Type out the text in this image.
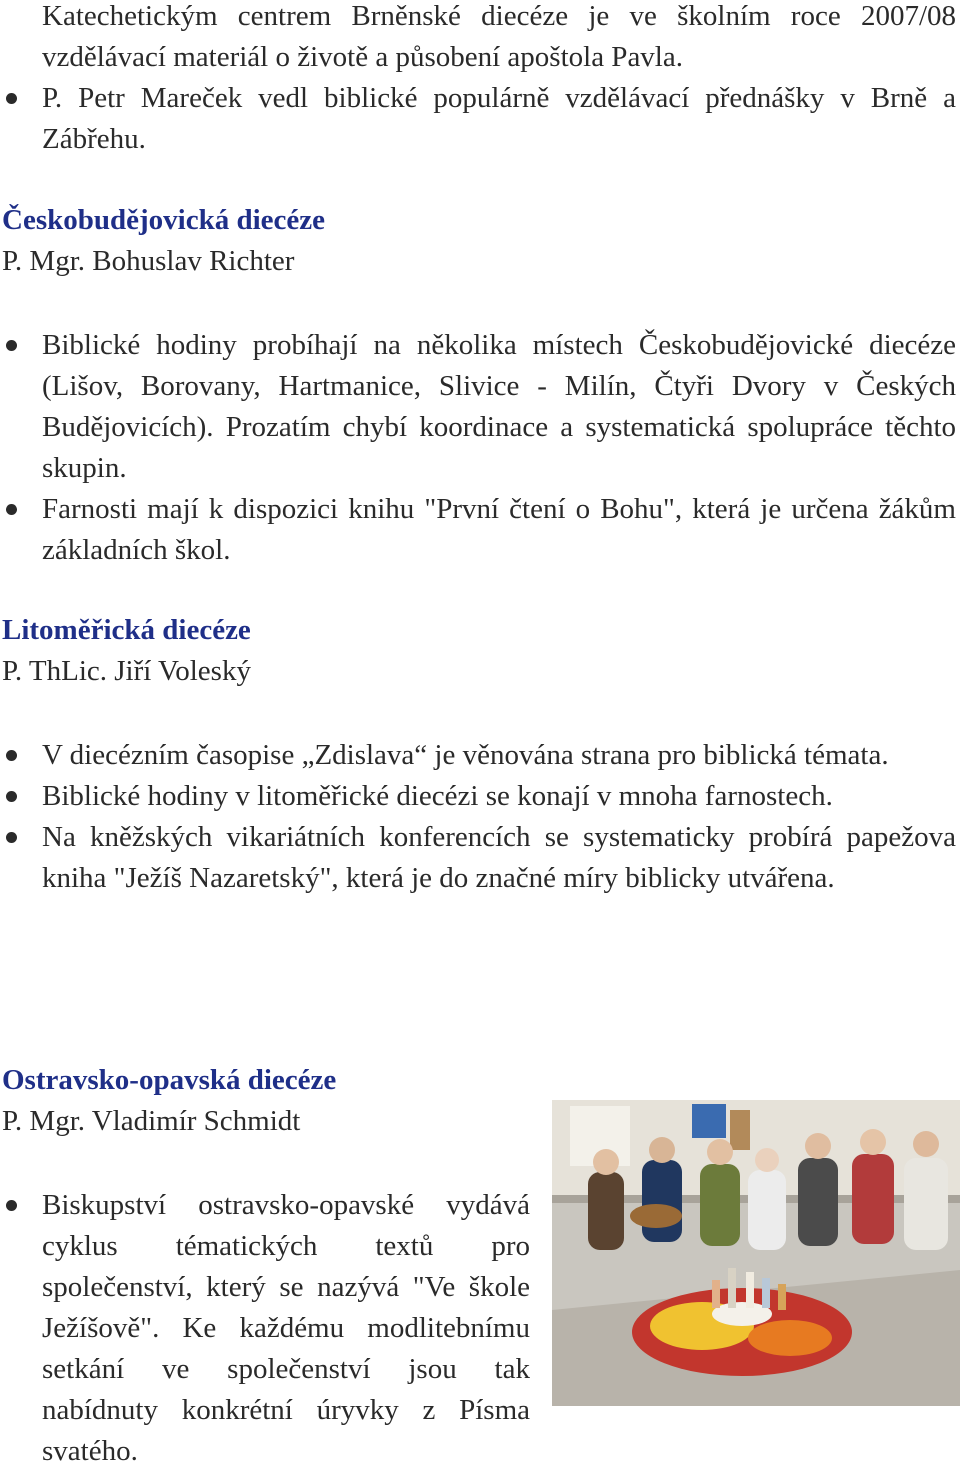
Katechetickým centrem Brněnské diecéze je ve školním roce 2007/08 vzdělávací materiál o životě a působení apoštola Pavla.

P. Petr Mareček vedl biblické populárně vzdělávací přednášky v Brně a Zábřehu.

Českobudějovická diecéze

P. Mgr. Bohuslav Richter

Biblické hodiny probíhají na několika místech Českobudějovické diecéze (Lišov, Borovany, Hartmanice, Slivice - Milín, Čtyři Dvory v Českých Budějovicích). Prozatím chybí koordinace a systematická spolupráce těchto skupin.

Farnosti mají k dispozici knihu "První čtení o Bohu", která je určena žákům základních škol.

Litoměřická diecéze

P. ThLic. Jiří Voleský

V diecézním časopise „Zdislava“ je věnována strana pro biblická témata.

Biblické hodiny v litoměřické diecézi se konají v mnoha farnostech.

Na kněžských vikariátních konferencích se systematicky probírá papežova kniha "Ježíš Nazaretský", která je do značné míry biblicky utvářena.

Ostravsko-opavská diecéze

P. Mgr. Vladimír Schmidt

Biskupství ostravsko-opavské vydává cyklus tématických textů pro společenství, který se nazývá "Ve škole Ježíšově". Ke každému modlitebnímu setkání ve společenství jsou tak nabídnuty konkrétní úryvky z Písma svatého.
